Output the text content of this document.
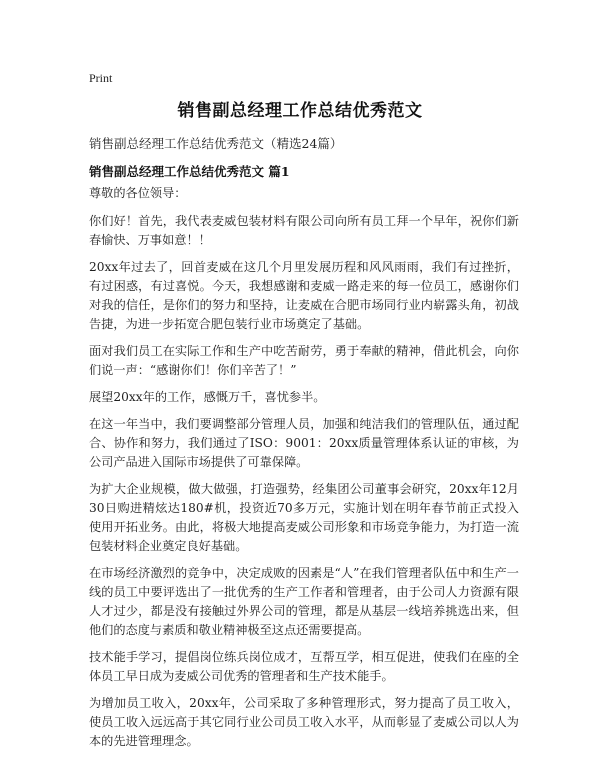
Print
销售副总经理工作总结优秀范文
销售副总经理工作总结优秀范文（精选24篇）
销售副总经理工作总结优秀范文 篇1

尊敬的各位领导：

你们好！首先，我代表麦威包装材料有限公司向所有员工拜一个早年，祝你们新春愉快、万事如意！！

20xx年过去了，回首麦威在这几个月里发展历程和风风雨雨，我们有过挫折，有过困惑，有过喜悦。今天，我想感谢和麦威一路走来的每一位员工，感谢你们对我的信任，是你们的努力和坚持，让麦威在合肥市场同行业内崭露头角，初战告捷，为进一步拓宽合肥包装行业市场奠定了基础。

面对我们员工在实际工作和生产中吃苦耐劳，勇于奉献的精神，借此机会，向你们说一声：“感谢你们！你们辛苦了！”

展望20xx年的工作，感慨万千，喜忧参半。

在这一年当中，我们要调整部分管理人员，加强和纯洁我们的管理队伍，通过配合、协作和努力，我们通过了ISO：9001：20xx质量管理体系认证的审核，为公司产品进入国际市场提供了可靠保障。

为扩大企业规模，做大做强，打造强势，经集团公司董事会研究，20xx年12月30日购进精炫达180#机，投资近70多万元，实施计划在明年春节前正式投入使用开拓业务。由此，将极大地提高麦威公司形象和市场竞争能力，为打造一流包装材料企业奠定良好基础。

在市场经济激烈的竞争中，决定成败的因素是“人”在我们管理者队伍中和生产一线的员工中要评选出了一批优秀的生产工作者和管理者，由于公司人力资源有限人才过少，都是没有接触过外界公司的管理，都是从基层一线培养挑选出来，但他们的态度与素质和敬业精神极至这点还需要提高。

技术能手学习，提倡岗位练兵岗位成才，互帮互学，相互促进，使我们在座的全体员工早日成为麦威公司优秀的管理者和生产技术能手。

为增加员工收入，20xx年，公司采取了多种管理形式，努力提高了员工收入，使员工收入远远高于其它同行业公司员工收入水平，从而彰显了麦威公司以人为本的先进管理理念。
